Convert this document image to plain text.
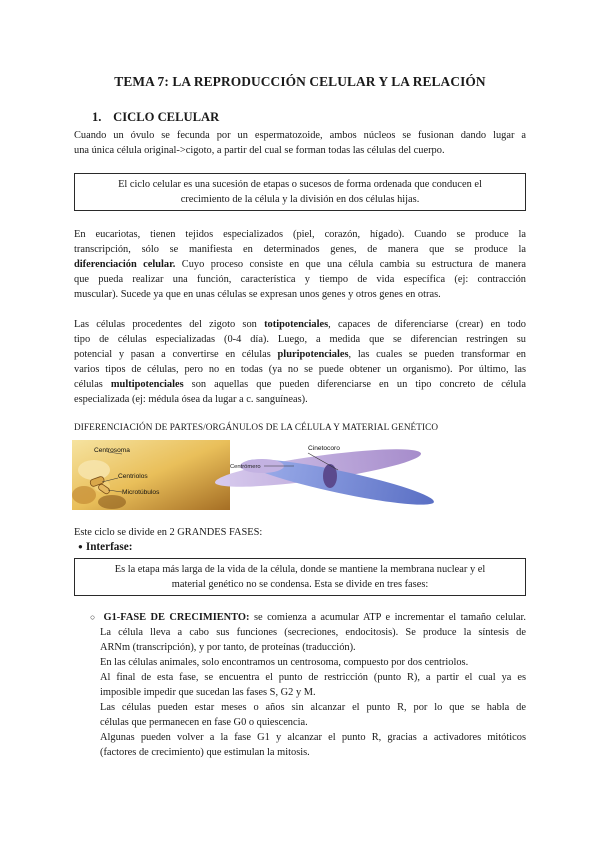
TEMA 7: LA REPRODUCCIÓN CELULAR Y LA RELACIÓN
1. CICLO CELULAR
Cuando un óvulo se fecunda por un espermatozoide, ambos núcleos se fusionan dando lugar a
una única célula original->cigoto, a partir del cual se forman todas las células del cuerpo.
El ciclo celular es una sucesión de etapas o sucesos de forma ordenada que conducen el
crecimiento de la célula y la división en dos células hijas.
En eucariotas, tienen tejidos especializados (piel, corazón, hígado). Cuando se produce la
transcripción, sólo se manifiesta en determinados genes, de manera que se produce la
diferenciación celular. Cuyo proceso consiste en que una célula cambia su estructura de manera
que pueda realizar una función, característica y tiempo de vida específica (ej: contracción
muscular). Sucede ya que en unas células se expresan unos genes y otros genes en otras.
Las células procedentes del zigoto son totipotenciales, capaces de diferenciarse (crear) en todo
tipo de células especializadas (0-4 día). Luego, a medida que se diferencian restringen su
potencial y pasan a convertirse en células pluripotenciales, las cuales se pueden transformar en
varios tipos de células, pero no en todas (ya no se puede obtener un organismo). Por último, las
células multipotenciales son aquellas que pueden diferenciarse en un tipo concreto de célula
especializada (ej: médula ósea da lugar a c. sanguíneas).
DIFERENCIACIÓN DE PARTES/ORGÁNULOS DE LA CÉLULA Y MATERIAL GENÉTICO
Centrosoma
Centriolos
Microtúbulos
Cinetocoro
Centrómero
Este ciclo se divide en 2 GRANDES FASES:
● Interfase:
Es la etapa más larga de la vida de la célula, donde se mantiene la membrana nuclear y el
material genético no se condensa. Esta se divide en tres fases:
○ G1-FASE DE CRECIMIENTO: se comienza a acumular ATP e incrementar el tamaño celular.
La célula lleva a cabo sus funciones (secreciones, endocitosis). Se produce la síntesis de
ARNm (transcripción), y por tanto, de proteínas (traducción).
En las células animales, solo encontramos un centrosoma, compuesto por dos centriolos.
Al final de esta fase, se encuentra el punto de restricción (punto R), a partir el cual ya es
imposible impedir que sucedan las fases S, G2 y M.
Las células pueden estar meses o años sin alcanzar el punto R, por lo que se habla de
células que permanecen en fase G0 o quiescencia.
Algunas pueden volver a la fase G1 y alcanzar el punto R, gracias a activadores mitóticos
(factores de crecimiento) que estimulan la mitosis.
